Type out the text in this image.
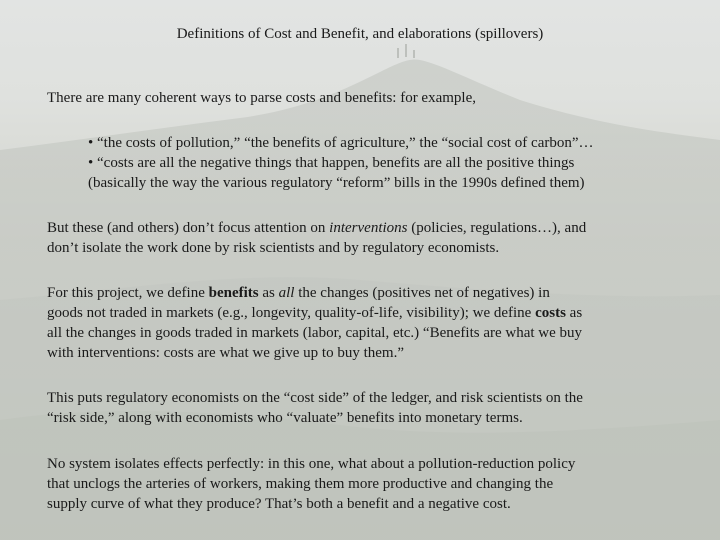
Definitions of Cost and Benefit, and elaborations (spillovers)
There are many coherent ways to parse costs and benefits: for example,
• “the costs of pollution,” “the benefits of agriculture,” the “social cost of carbon”…
• “costs are all the negative things that happen, benefits are all the positive things
(basically the way the various regulatory “reform” bills in the 1990s defined them)
But these (and others) don’t focus attention on interventions (policies, regulations…), and
don’t isolate the work done by risk scientists and by regulatory economists.
For this project, we define benefits as all the changes (positives net of negatives) in
goods not traded in markets (e.g., longevity, quality-of-life, visibility); we define costs as
all the changes in goods traded in markets (labor, capital, etc.) “Benefits are what we buy
with interventions: costs are what we give up to buy them.”
This puts regulatory economists on the “cost side” of the ledger, and risk scientists on the
“risk side,” along with economists who “valuate” benefits into monetary terms.
No system isolates effects perfectly: in this one, what about a pollution-reduction policy
that unclogs the arteries of workers, making them more productive and changing the
supply curve of what they produce? That’s both a benefit and a negative cost.
